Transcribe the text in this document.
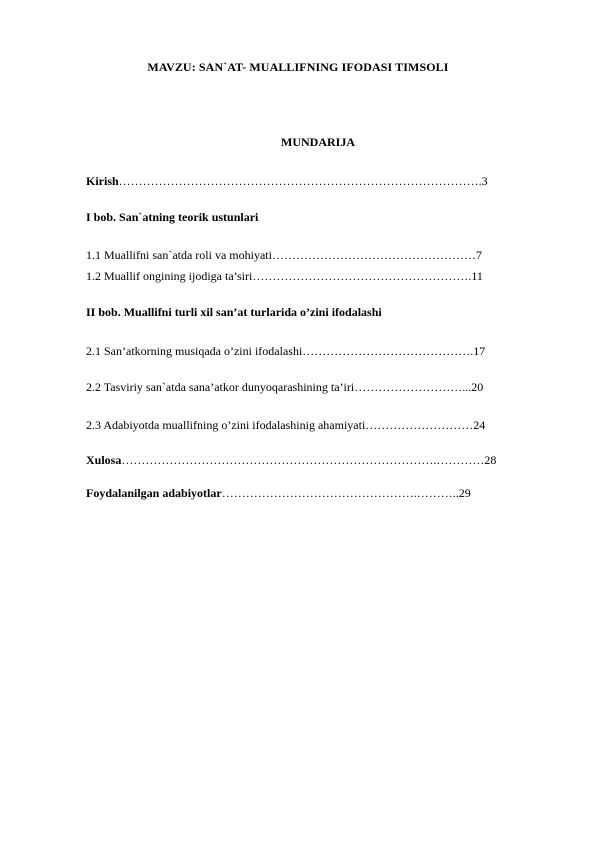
MAVZU: SAN`AT- MUALLIFNING IFODASI TIMSOLI
MUNDARIJA
Kirish……………………………………………………………………………….3
I bob. San`atning teorik ustunlari
1.1 Muallifni san`atda roli va mohiyati……………………………………………7
1.2 Muallif ongining ijodiga ta’siri……………………………………………….11
II bob. Muallifni turli xil san’at turlarida o’zini ifodalashi
2.1 San’atkorning musiqada o’zini ifodalashi…………………………………….17
2.2 Tasviriy san`atda sana’atkor dunyoqarashining ta’iri………………………...20
2.3 Adabiyotda muallifning o’zini ifodalashinig ahamiyati………………………24
Xulosa…………………………………………………………………….…………28
Foydalanilgan adabiyotlar………………………………………….………..29
